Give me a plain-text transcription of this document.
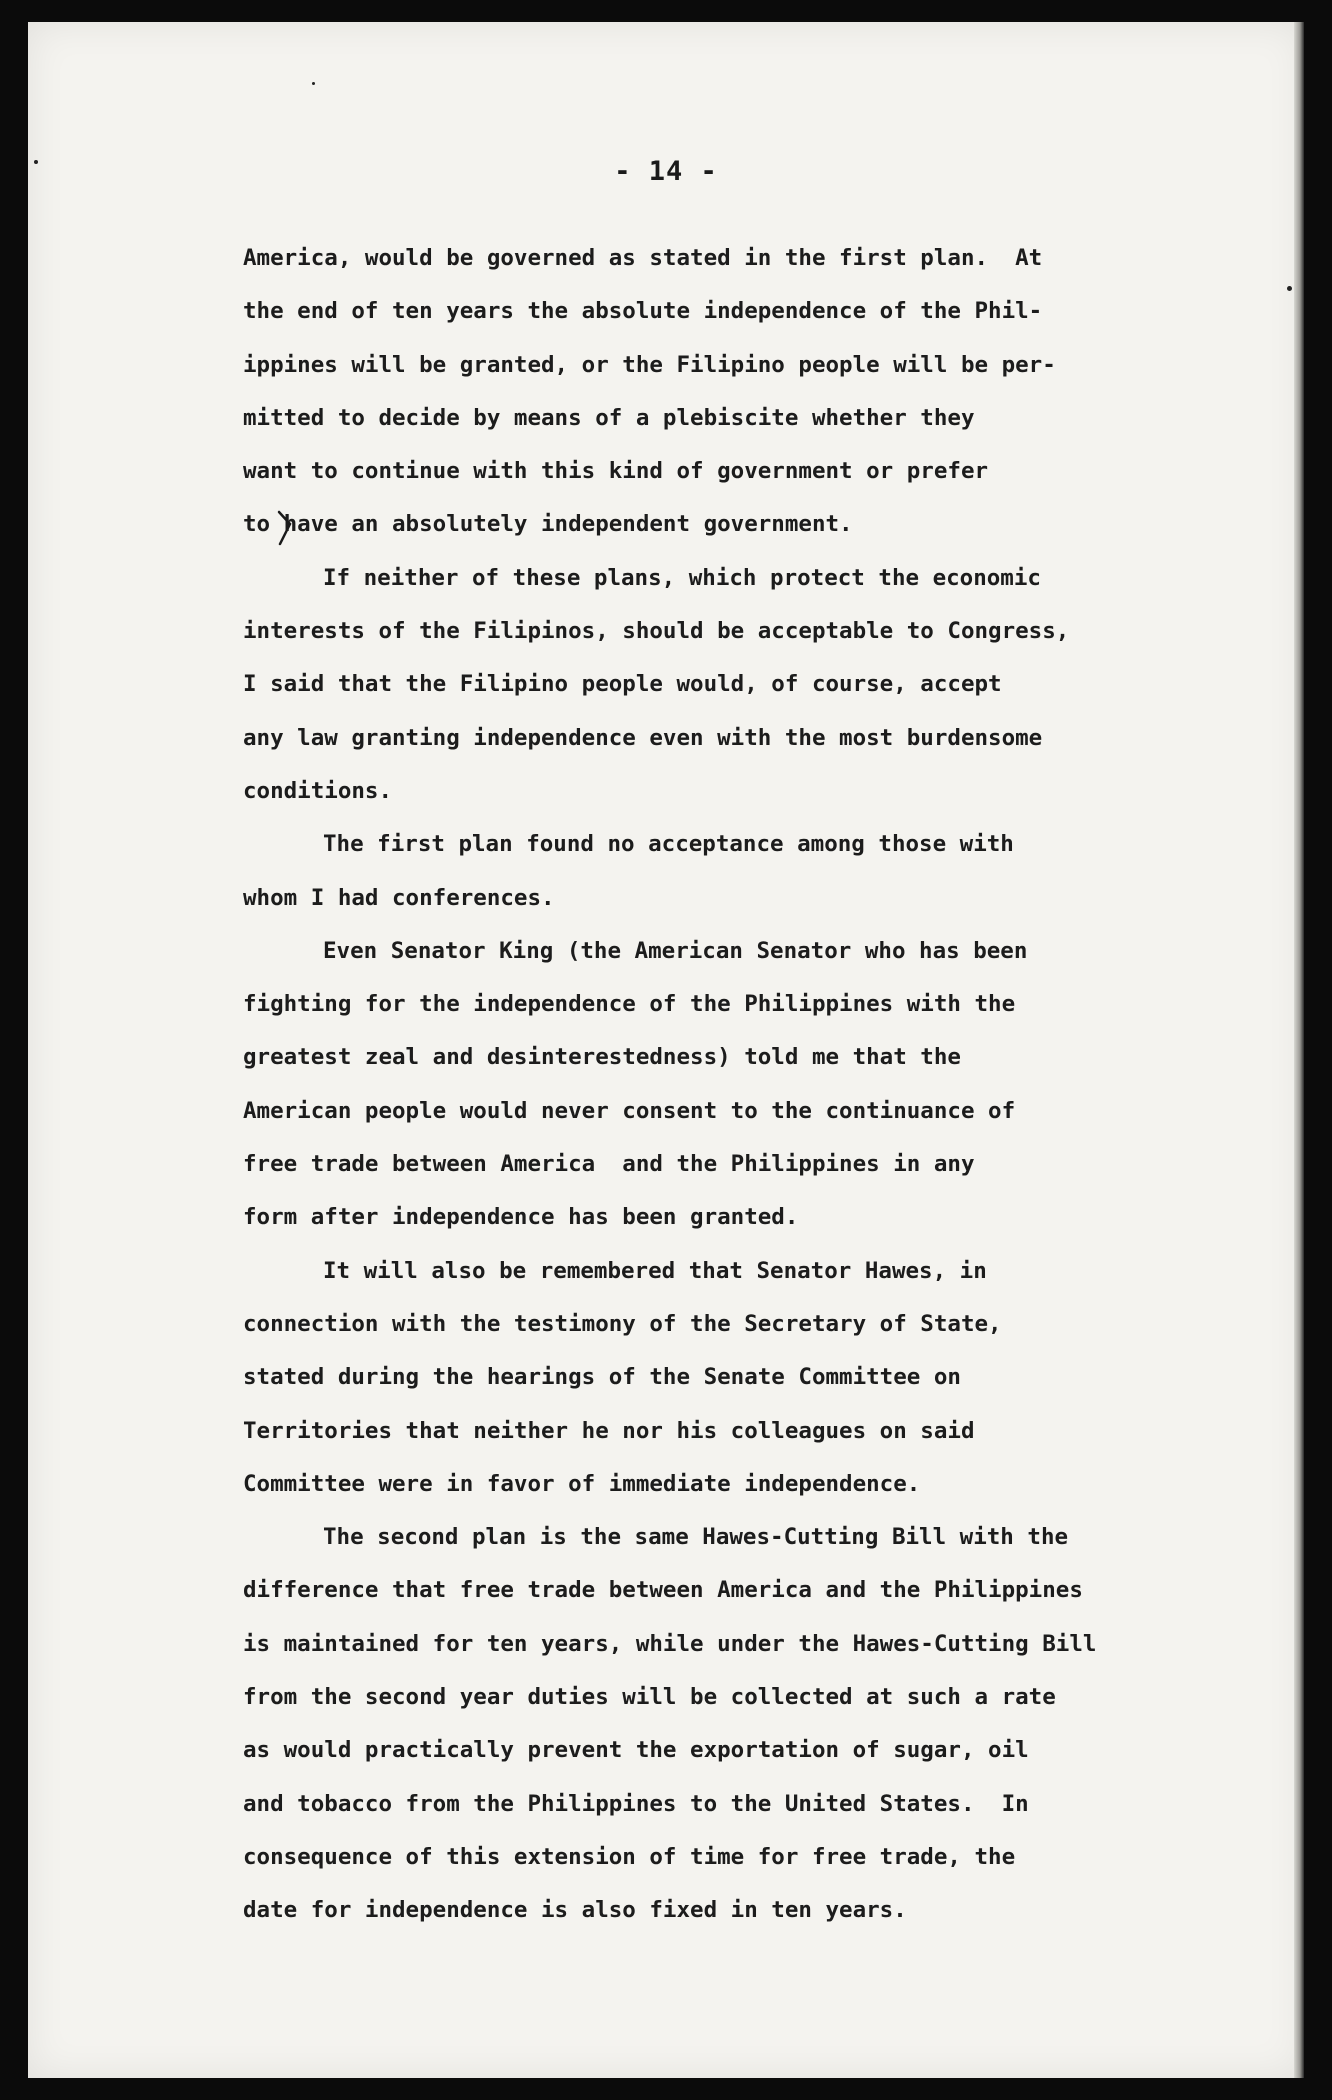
- 14 -
America, would be governed as stated in the first plan.  At
the end of ten years the absolute independence of the Phil-
ippines will be granted, or the Filipino people will be per-
mitted to decide by means of a plebiscite whether they
want to continue with this kind of government or prefer
to have an absolutely independent government.
If neither of these plans, which protect the economic
interests of the Filipinos, should be acceptable to Congress,
I said that the Filipino people would, of course, accept
any law granting independence even with the most burdensome
conditions.
The first plan found no acceptance among those with
whom I had conferences.
Even Senator King (the American Senator who has been
fighting for the independence of the Philippines with the
greatest zeal and desinterestedness) told me that the
American people would never consent to the continuance of
free trade between America  and the Philippines in any
form after independence has been granted.
It will also be remembered that Senator Hawes, in
connection with the testimony of the Secretary of State,
stated during the hearings of the Senate Committee on
Territories that neither he nor his colleagues on said
Committee were in favor of immediate independence.
The second plan is the same Hawes-Cutting Bill with the
difference that free trade between America and the Philippines
is maintained for ten years, while under the Hawes-Cutting Bill
from the second year duties will be collected at such a rate
as would practically prevent the exportation of sugar, oil
and tobacco from the Philippines to the United States.  In
consequence of this extension of time for free trade, the
date for independence is also fixed in ten years.
